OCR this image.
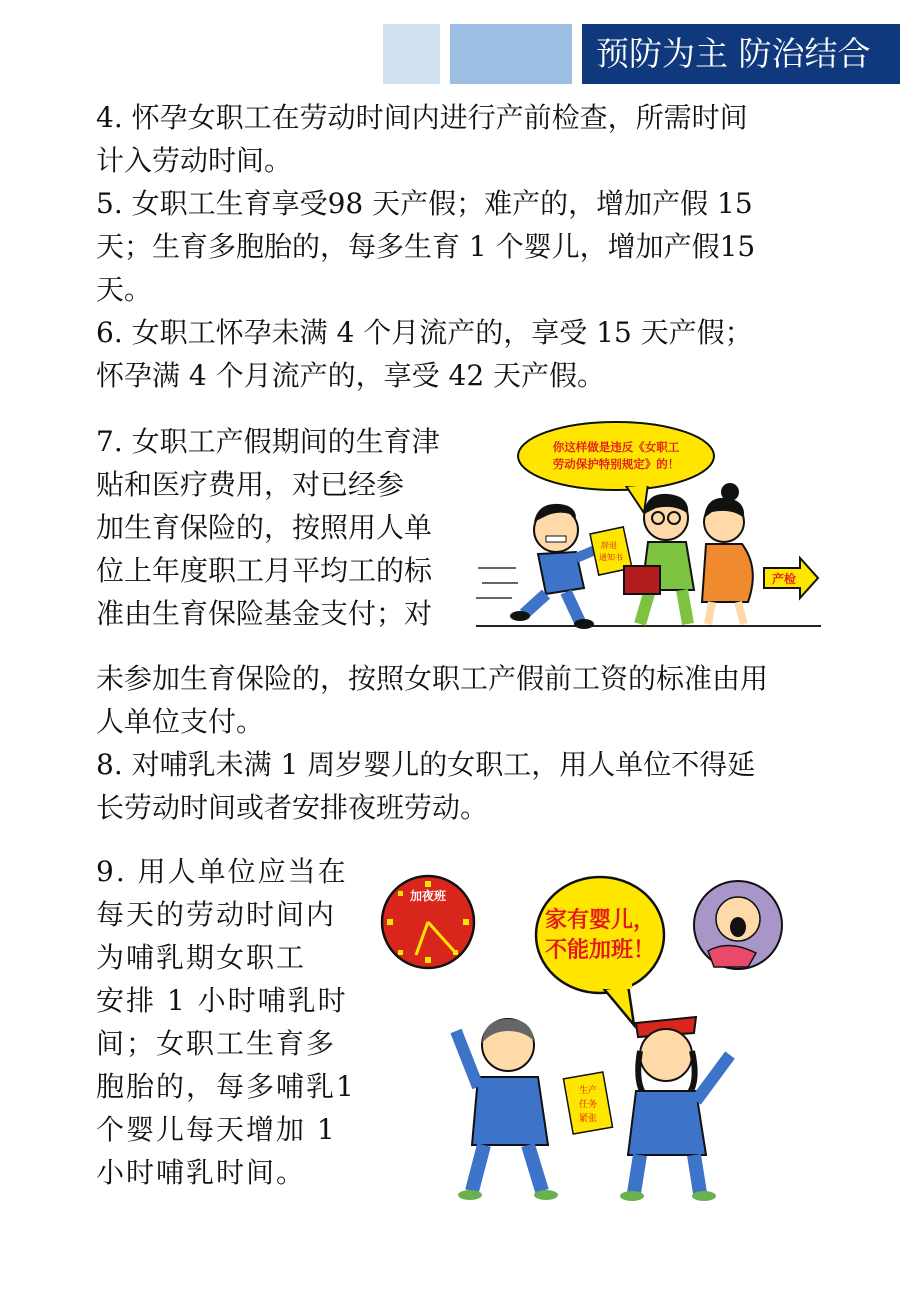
预防为主 防治结合
4. 怀孕女职工在劳动时间内进行产前检查，所需时间
计入劳动时间。
5. 女职工生育享受98 天产假；难产的，增加产假 15
天；生育多胞胎的，每多生育 1 个婴儿，增加产假15
天。
6. 女职工怀孕未满 4 个月流产的，享受 15 天产假；
怀孕满 4 个月流产的，享受 42 天产假。
7. 女职工产假期间的生育津
贴和医疗费用，对已经参
加生育保险的，按照用人单
位上年度职工月平均工的标
准由生育保险基金支付；对
你这样做是违反《女职工
劳动保护特别规定》的！
辞退
通知书
产检
未参加生育保险的，按照女职工产假前工资的标准由用
人单位支付。
8. 对哺乳未满 1 周岁婴儿的女职工，用人单位不得延
长劳动时间或者安排夜班劳动。
9. 用人单位应当在
每天的劳动时间内
为哺乳期女职工
安排 1 小时哺乳时
间；女职工生育多
胞胎的，每多哺乳1
个婴儿每天增加 1
小时哺乳时间。
加夜班
家有婴儿，
不能加班！
生产
任务
紧张
